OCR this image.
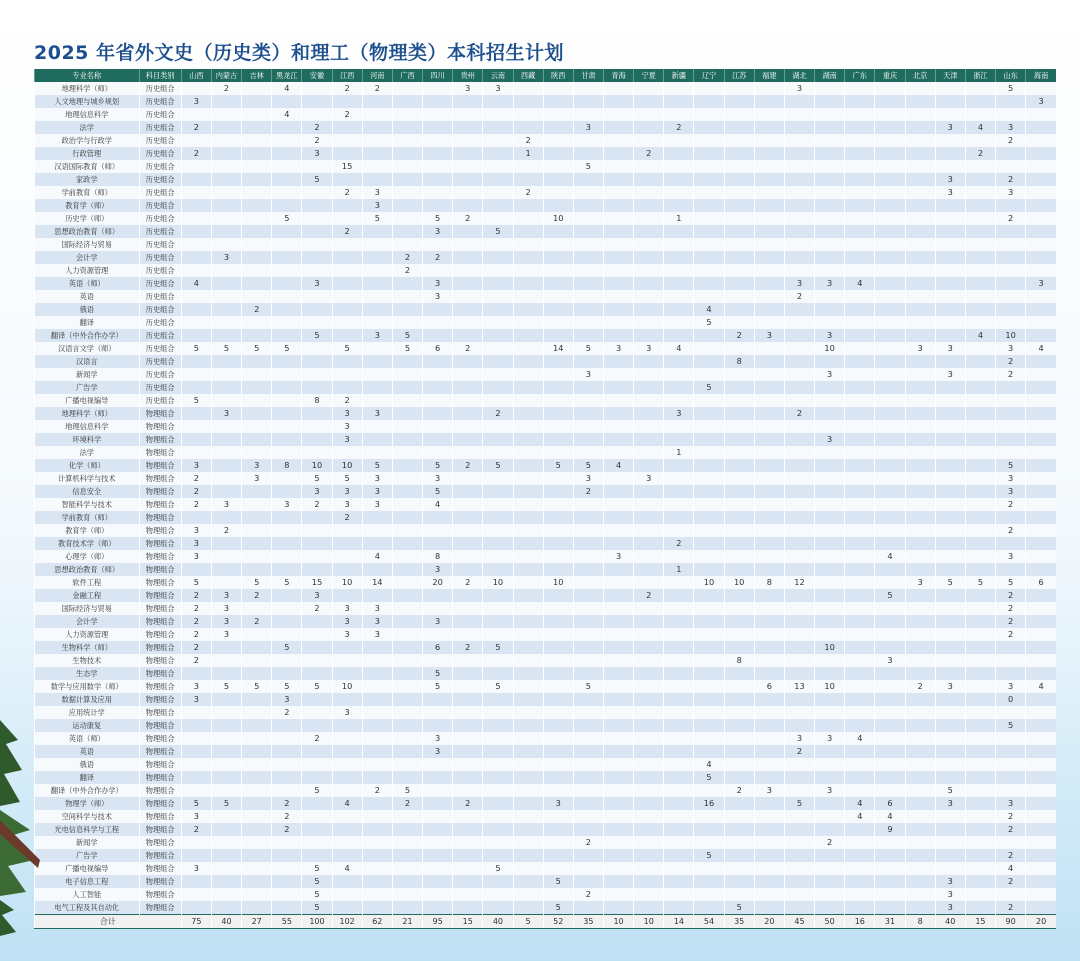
2025 年省外文史（历史类）和理工（物理类）本科招生计划
专业名称	科目类别	山西	内蒙古	吉林	黑龙江	安徽	江西	河南	广西	四川	贵州	云南	西藏	陕西	甘肃	青海	宁夏	新疆	辽宁	江苏	福建	湖北	湖南	广东	重庆	北京	天津	浙江	山东	海南
地理科学（师）	历史组合		2		4		2	2			3	3										3							5	
人文地理与城乡规划	历史组合	3																												3
地理信息科学	历史组合				4		2																							
法学	历史组合	2				2									3			2									3	4	3	
政治学与行政学	历史组合					2							2																2	
行政管理	历史组合	2				3							1				2											2		
汉语国际教育（师）	历史组合						15								5															
家政学	历史组合					5																					3		2	
学前教育（师）	历史组合						2	3					2														3		3	
教育学（师）	历史组合							3																						
历史学（师）	历史组合				5			5		5	2			10				1											2	
思想政治教育（师）	历史组合						2			3		5																		
国际经济与贸易	历史组合																													
会计学	历史组合		3						2	2																				
人力资源管理	历史组合								2																					
英语（师）	历史组合	4				3				3												3	3	4						3
英语	历史组合									3												2								
俄语	历史组合			2															4											
翻译	历史组合																		5											
翻译（中外合作办学）	历史组合					5		3	5											2	3		3					4	10	
汉语言文学（师）	历史组合	5	5	5	5		5		5	6	2			14	5	3	3	4					10			3	3		3	4
汉语言	历史组合																			8									2	
新闻学	历史组合														3								3				3		2	
广告学	历史组合																		5											
广播电视编导	历史组合	5				8	2																							
地理科学（师）	物理组合		3				3	3				2						3				2								
地理信息科学	物理组合						3																							
环境科学	物理组合						3																3							
法学	物理组合																	1												
化学（师）	物理组合	3		3	8	10	10	5		5	2	5		5	5	4													5	
计算机科学与技术	物理组合	2		3		5	5	3		3					3		3												3	
信息安全	物理组合	2				3	3	3		5					2														3	
智能科学与技术	物理组合	2	3		3	2	3	3		4																			2	
学前教育（师）	物理组合						2																							
教育学（师）	物理组合	3	2																										2	
教育技术学（师）	物理组合	3																2												
心理学（师）	物理组合	3						4		8						3									4				3	
思想政治教育（师）	物理组合									3								1												
软件工程	物理组合	5		5	5	15	10	14		20	2	10		10					10	10	8	12				3	5	5	5	6
金融工程	物理组合	2	3	2		3											2								5				2	
国际经济与贸易	物理组合	2	3			2	3	3																					2	
会计学	物理组合	2	3	2			3	3		3																			2	
人力资源管理	物理组合	2	3				3	3																					2	
生物科学（师）	物理组合	2			5					6	2	5											10							
生物技术	物理组合	2																		8					3					
生态学	物理组合									5																				
数学与应用数学（师）	物理组合	3	5	5	5	5	10			5		5			5						6	13	10			2	3		3	4
数据计算及应用	物理组合	3			3																								0	
应用统计学	物理组合				2		3																							
运动康复	物理组合																												5	
英语（师）	物理组合					2				3												3	3	4						
英语	物理组合									3												2								
俄语	物理组合																		4											
翻译	物理组合																		5											
翻译（中外合作办学）	物理组合					5		2	5											2	3		3				5			
物理学（师）	物理组合	5	5		2		4		2		2			3					16			5		4	6		3		3	
空间科学与技术	物理组合	3			2																			4	4				2	
光电信息科学与工程	物理组合	2			2																				9				2	
新闻学	物理组合														2								2							
广告学	物理组合																		5										2	
广播电视编导	物理组合	3				5	4					5																	4	
电子信息工程	物理组合					5								5													3		2	
人工智能	物理组合					5									2												3			
电气工程及其自动化	物理组合					5								5						5							3		2	
合计		75	40	27	55	100	102	62	21	95	15	40	5	52	35	10	10	14	54	35	20	45	50	16	31	8	40	15	90	20
